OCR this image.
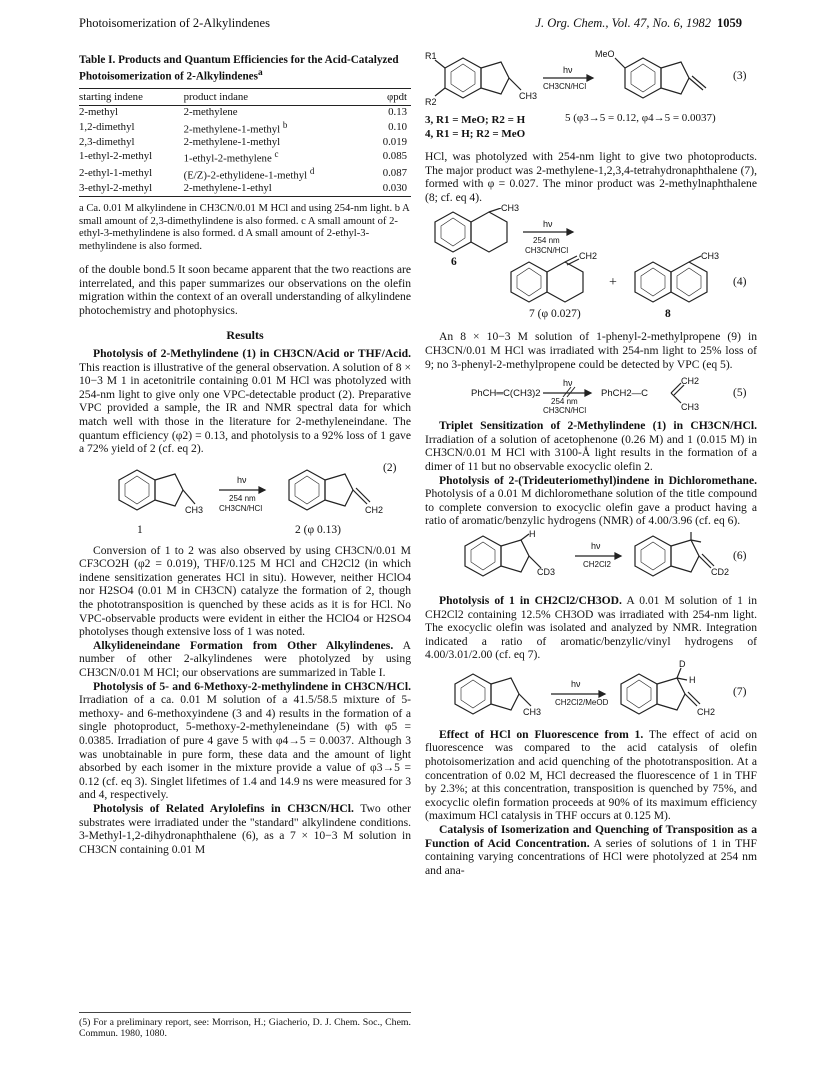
Photoisomerization of 2-Alkylindenes	J. Org. Chem., Vol. 47, No. 6, 1982 1059
Table I. Products and Quantum Efficiencies for the Acid-Catalyzed Photoisomerization of 2-Alkylindenes$^a$
starting indene	product indane	φpdt
2-methyl	2-methylene	0.13
1,2-dimethyl	2-methylene-1-methyl $^b$	0.10
2,3-dimethyl	2-methylene-1-methyl	0.019
1-ethyl-2-methyl	1-ethyl-2-methylene $^c$	0.085
2-ethyl-1-methyl	(E/Z)-2-ethylidene-1-methyl $^d$	0.087
3-ethyl-2-methyl	2-methylene-1-ethyl	0.030
a Ca. 0.01 M alkylindene in CH3CN/0.01 M HCl and using 254-nm light. b A small amount of 2,3-dimethylindene is also formed. c A small amount of 2-ethyl-3-methylindene is also formed. d A small amount of 2-ethyl-3-methylindene is also formed.

of the double bond.5 It soon became apparent that the two reactions are interrelated, and this paper summarizes our observations on the olefin migration within the context of an overall understanding of alkylindene photochemistry and photophysics.

Results

Photolysis of 2-Methylindene (1) in CH3CN/Acid or THF/Acid. This reaction is illustrative of the general observation. A solution of 8 × 10−3 M 1 in acetonitrile containing 0.01 M HCl was photolyzed with 254-nm light to give only one VPC-detectable product (2). Preparative VPC provided a sample, the IR and NMR spectral data for which match well with those in the literature for 2-methyleneindane. The quantum efficiency (φ2) = 0.13, and photolysis to a 92% loss of 1 gave a 72% yield of 2 (cf. eq 2).

hν
254 nm
CH3CN/HCl
CH3	CH2
(2)
1	2 (φ 0.13)

Conversion of 1 to 2 was also observed by using CH3CN/0.01 M CF3CO2H (φ2 = 0.019), THF/0.125 M HCl and CH2Cl2 (in which indene sensitization generates HCl in situ). However, neither HClO4 nor H2SO4 (0.01 M in CH3CN) catalyze the formation of 2, though the phototransposition is quenched by these acids as it is for HCl. No VPC-observable products were evident in either the HClO4 or H2SO4 photolyses though extensive loss of 1 was noted.

Alkylideneindane Formation from Other Alkylindenes. A number of other 2-alkylindenes were photolyzed by using CH3CN/0.01 M HCl; our observations are summarized in Table I.

Photolysis of 5- and 6-Methoxy-2-methylindene in CH3CN/HCl. Irradiation of a ca. 0.01 M solution of a 41.5/58.5 mixture of 5-methoxy- and 6-methoxyindene (3 and 4) results in the formation of a single photoproduct, 5-methoxy-2-methyleneindane (5) with φ5 = 0.0385. Irradiation of pure 4 gave 5 with φ4→5 = 0.0037. Although 3 was unobtainable in pure form, these data and the amount of light absorbed by each isomer in the mixture provide a value of φ3→5 = 0.12 (cf. eq 3). Singlet lifetimes of 1.4 and 14.9 ns were measured for 3 and 4, respectively.

Photolysis of Related Arylolefins in CH3CN/HCl. Two other substrates were irradiated under the "standard" alkylindene conditions. 3-Methyl-1,2-dihydronaphthalene (6), as a 7 × 10−3 M solution in CH3CN containing 0.01 M

(5) For a preliminary report, see: Morrison, H.; Giacherio, D. J. Chem. Soc., Chem. Commun. 1980, 1080.
R1
R2
CH3
MeO
hν
CH3CN/HCl
(3)
3, R1 = MeO; R2 = H
4, R1 = H; R2 = MeO
5 (φ3→5 = 0.12, φ4→5 = 0.0037)

HCl, was photolyzed with 254-nm light to give two photoproducts. The major product was 2-methylene-1,2,3,4-tetrahydronaphthalene (7), formed with φ = 0.027. The minor product was 2-methylnaphthalene (8; cf. eq 4).

CH3
hν
254 nm
CH3CN/HCl
6	CH2
+
CH3
(4)
7 (φ 0.027)	8

An 8 × 10−3 M solution of 1-phenyl-2-methylpropene (9) in CH3CN/0.01 M HCl was irradiated with 254-nm light to 25% loss of 9; no 3-phenyl-2-methylpropene could be detected by VPC (eq 5).

PhCH═C(CH3)2
hν
254 nm
CH3CN/HCl
PhCH2—C
CH2
CH3
(5)

Triplet Sensitization of 2-Methylindene (1) in CH3CN/HCl. Irradiation of a solution of acetophenone (0.26 M) and 1 (0.015 M) in CH3CN/0.01 M HCl with 3100-Å light results in the formation of a dimer of 11 but no observable exocyclic olefin 2.

Photolysis of 2-(Trideuteriomethyl)indene in Dichloromethane. Photolysis of a 0.01 M dichloromethane solution of the title compound to complete conversion to exocyclic olefin gave a product having a ratio of aromatic/benzylic hydrogens (NMR) of 4.00/3.96 (cf. eq 6).

H
CD3
hν
CH2Cl2
CD2
(6)

Photolysis of 1 in CH2Cl2/CH3OD. A 0.01 M solution of 1 in CH2Cl2 containing 12.5% CH3OD was irradiated with 254-nm light. The exocyclic olefin was isolated and analyzed by NMR. Integration indicated a ratio of aromatic/benzylic/vinyl hydrogens of 4.00/3.01/2.00 (cf. eq 7).

CH3
hν
CH2Cl2/MeOD
D
H
CH2
(7)

Effect of HCl on Fluorescence from 1. The effect of acid on fluorescence was compared to the acid catalysis of olefin photoisomerization and acid quenching of the phototransposition. At a concentration of 0.02 M, HCl decreased the fluorescence of 1 in THF by 2.3%; at this concentration, transposition is quenched by 75%, and exocyclic olefin formation proceeds at 90% of its maximum efficiency (maximum HCl catalysis in THF occurs at 0.125 M).

Catalysis of Isomerization and Quenching of Transposition as a Function of Acid Concentration. A series of solutions of 1 in THF containing varying concentrations of HCl were photolyzed at 254 nm and ana-
